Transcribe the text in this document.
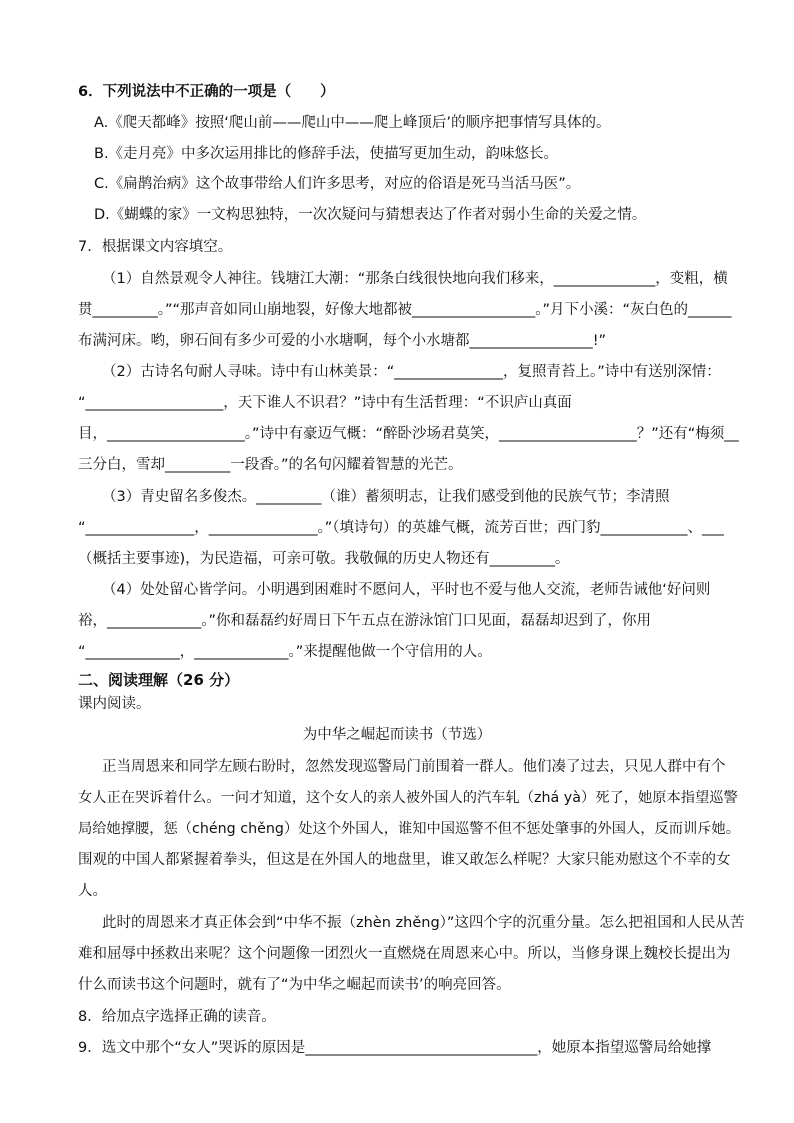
6．下列说法中不正确的一项是（　　）
A.《爬天都峰》按照‘爬山前——爬山中——爬上峰顶后’的顺序把事情写具体的。
B.《走月亮》中多次运用排比的修辞手法，使描写更加生动，韵味悠长。
C.《扁鹊治病》这个故事带给人们许多思考，对应的俗语是死马当活马医”。
D.《蝴蝶的家》一文构思独特，一次次疑问与猜想表达了作者对弱小生命的关爱之情。
7．根据课文内容填空。
（1）自然景观令人神往。钱塘江大潮：“那条白线很快地向我们移来，______________，变粗，横
贯_________。”“那声音如同山崩地裂，好像大地都被_________________。”月下小溪：“灰白色的______
布满河床。哟，卵石间有多少可爱的小水塘啊，每个小水塘都_________________!”
（2）古诗名句耐人寻味。诗中有山林美景：“_______________，复照青苔上。”诗中有送别深情：
“___________________，天下谁人不识君？”诗中有生活哲理：“不识庐山真面
目，___________________。”诗中有豪迈气概：“醉卧沙场君莫笑，___________________？”还有“梅须__
三分白，雪却_________一段香。”的名句闪耀着智慧的光芒。
（3）青史留名多俊杰。_________（谁）蓄须明志，让我们感受到他的民族气节；李清照
“_______________，_______________。”（填诗句）的英雄气概，流芳百世；西门豹____________、___
（概括主要事迹)，为民造福，可亲可敬。我敬佩的历史人物还有_________。
（4）处处留心皆学问。小明遇到困难时不愿问人，平时也不爱与他人交流，老师告诫他‘好问则
裕，_____________。”你和磊磊约好周日下午五点在游泳馆门口见面，磊磊却迟到了，你用
“_____________，_____________。”来提醒他做一个守信用的人。
二、阅读理解（26 分）
课内阅读。
为中华之崛起而读书（节选）
正当周恩来和同学左顾右盼时，忽然发现巡警局门前围着一群人。他们凑了过去，只见人群中有个
女人正在哭诉着什么。一问才知道，这个女人的亲人被外国人的汽车轧（zhá yà）死了，她原本指望巡警
局给她撑腰，惩（chéng chěng）处这个外国人，谁知中国巡警不但不惩处肇事的外国人，反而训斥她。
围观的中国人都紧握着拳头，但这是在外国人的地盘里，谁又敢怎么样呢？大家只能劝慰这个不幸的女
人。
此时的周恩来才真正体会到“中华不振（zhèn zhěng）”这四个字的沉重分量。怎么把祖国和人民从苦
难和屈辱中拯救出来呢？这个问题像一团烈火一直燃烧在周恩来心中。所以，当修身课上魏校长提出为
什么而读书这个问题时，就有了“为中华之崛起而读书’的响亮回答。
8．给加点字选择正确的读音。
9．选文中那个“女人”哭诉的原因是________________________________，她原本指望巡警局给她撑
